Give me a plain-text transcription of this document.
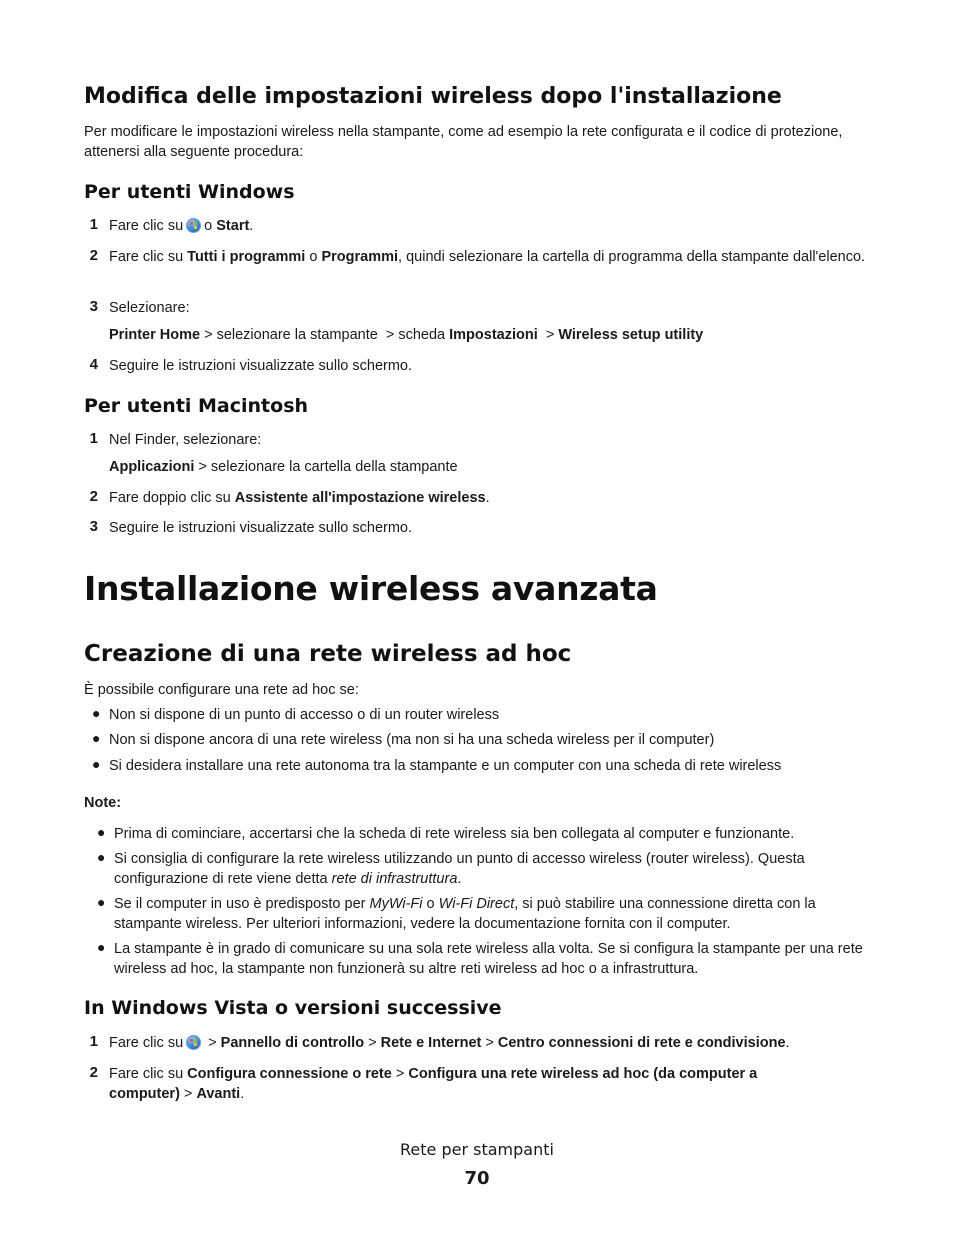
Modifica delle impostazioni wireless dopo l'installazione
Per modificare le impostazioni wireless nella stampante, come ad esempio la rete configurata e il codice di protezione, attenersi alla seguente procedura:
Per utenti Windows
1 Fare clic su o Start.
2 Fare clic su Tutti i programmi o Programmi, quindi selezionare la cartella di programma della stampante dall'elenco.
3 Selezionare:
Printer Home > selezionare la stampante  > scheda Impostazioni  > Wireless setup utility
4 Seguire le istruzioni visualizzate sullo schermo.
Per utenti Macintosh
1 Nel Finder, selezionare:
Applicazioni > selezionare la cartella della stampante
2 Fare doppio clic su Assistente all'impostazione wireless.
3 Seguire le istruzioni visualizzate sullo schermo.
Installazione wireless avanzata
Creazione di una rete wireless ad hoc
È possibile configurare una rete ad hoc se:
● Non si dispone di un punto di accesso o di un router wireless
● Non si dispone ancora di una rete wireless (ma non si ha una scheda wireless per il computer)
● Si desidera installare una rete autonoma tra la stampante e un computer con una scheda di rete wireless
Note:
● Prima di cominciare, accertarsi che la scheda di rete wireless sia ben collegata al computer e funzionante.
● Si consiglia di configurare la rete wireless utilizzando un punto di accesso wireless (router wireless). Questa configurazione di rete viene detta rete di infrastruttura.
● Se il computer in uso è predisposto per MyWi-Fi o Wi-Fi Direct, si può stabilire una connessione diretta con la stampante wireless. Per ulteriori informazioni, vedere la documentazione fornita con il computer.
● La stampante è in grado di comunicare su una sola rete wireless alla volta. Se si configura la stampante per una rete wireless ad hoc, la stampante non funzionerà su altre reti wireless ad hoc o a infrastruttura.
In Windows Vista o versioni successive
1 Fare clic su > Pannello di controllo > Rete e Internet > Centro connessioni di rete e condivisione.
2 Fare clic su Configura connessione o rete > Configura una rete wireless ad hoc (da computer a computer) > Avanti.
Rete per stampanti
70
